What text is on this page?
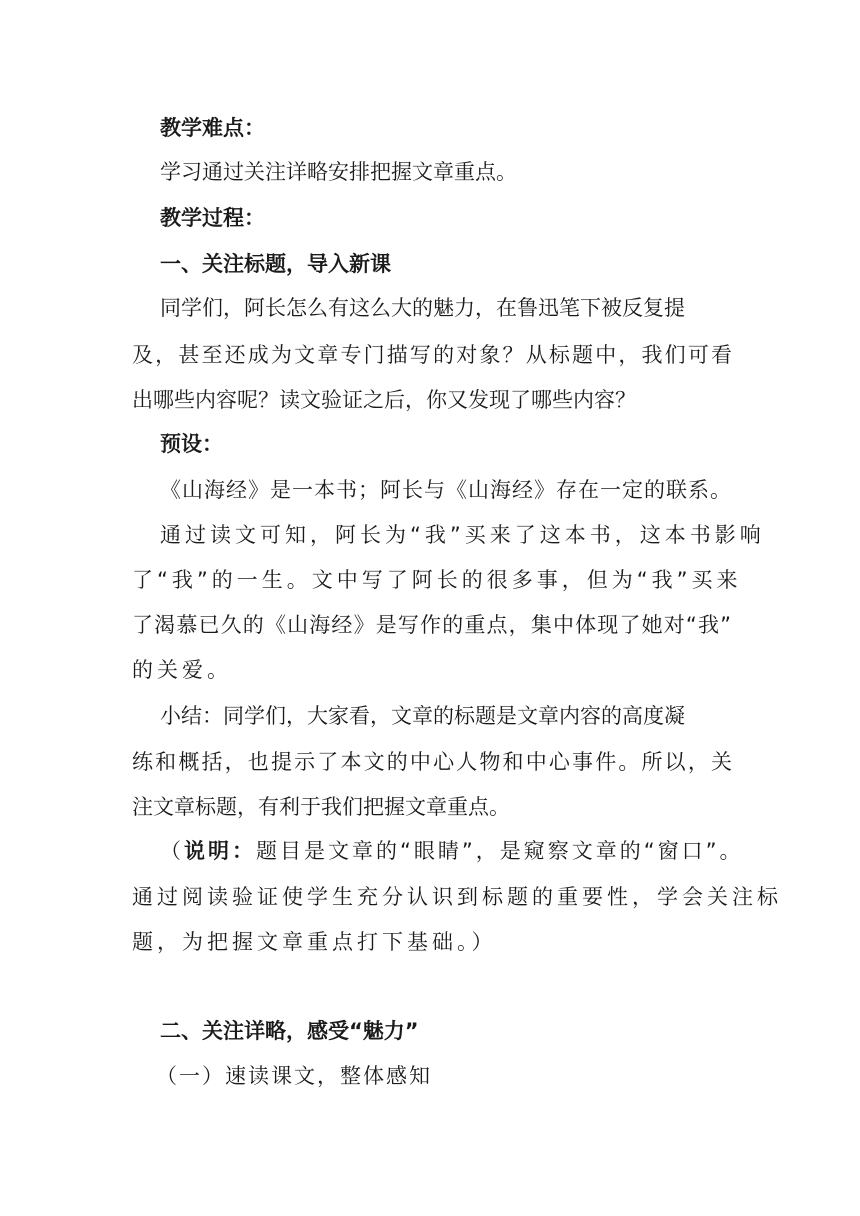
教学难点：
学习通过关注详略安排把握文章重点。
教学过程：
一、关注标题，导入新课
同学们，阿长怎么有这么大的魅力，在鲁迅笔下被反复提
及，甚至还成为文章专门描写的对象？从标题中，我们可看
出哪些内容呢？读文验证之后，你又发现了哪些内容？
预设：
《山海经》是一本书；阿长与《山海经》存在一定的联系。
通过读文可知，阿长为“我”买来了这本书，这本书影响
了“我”的一生。文中写了阿长的很多事，但为“我”买来
了渴慕已久的《山海经》是写作的重点，集中体现了她对“我”
的关爱。
小结：同学们，大家看，文章的标题是文章内容的高度凝
练和概括，也提示了本文的中心人物和中心事件。所以，关
注文章标题，有利于我们把握文章重点。
（说明：题目是文章的“眼睛”，是窥察文章的“窗口”。
通过阅读验证使学生充分认识到标题的重要性，学会关注标
题，为把握文章重点打下基础。）
二、关注详略，感受“魅力”
（一）速读课文，整体感知
